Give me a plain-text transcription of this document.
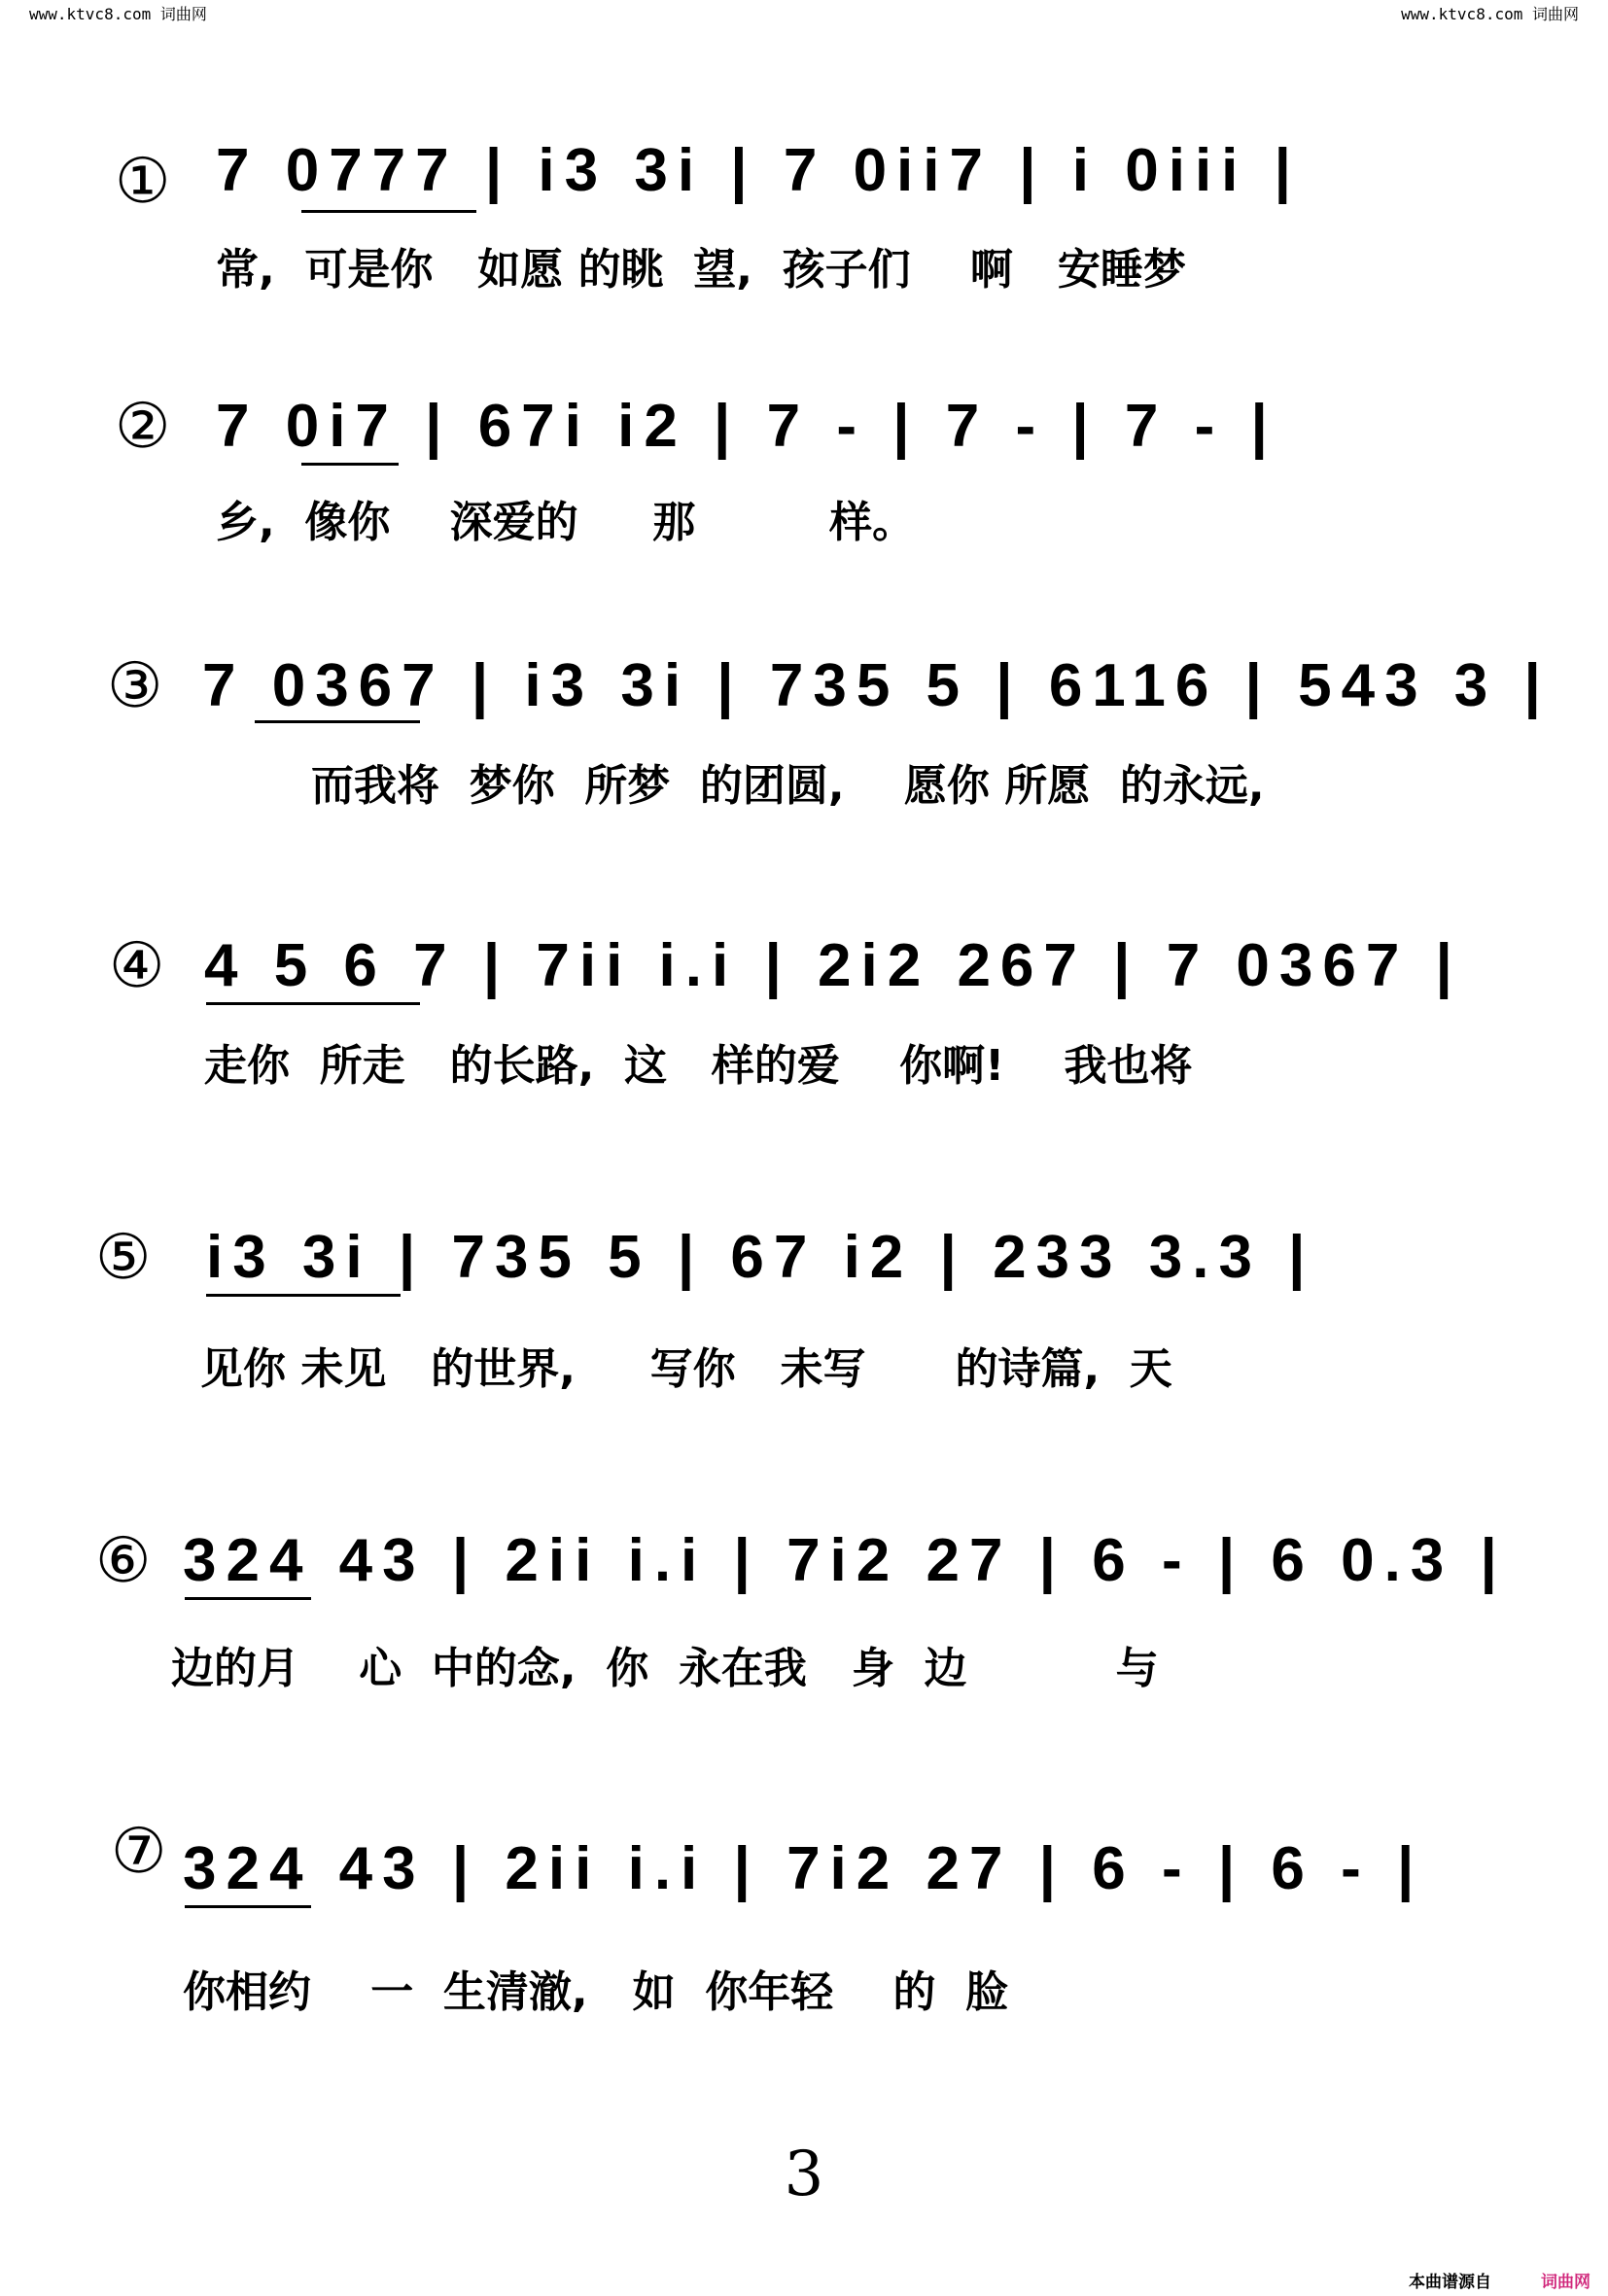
www.ktvc8.com 词曲网	www.ktvc8.com 词曲网
① 7 0777 | i3 3i | 7 0ii7 | i 0iii |
常,  可是你   如愿 的眺  望,  孩子们    啊   安睡梦
② 7 0i7 | 67i i2 | 7 - | 7 - | 7 - |
乡,  像你    深爱的     那         样。
③ 7 0367 | i3 3i | 735 5 | 6116 | 543 3 |
而我将  梦你  所梦  的团圆,    愿你 所愿  的永远,
④ 4 5 6 7 | 7ii i.i | 2i2 267 | 7 0367 |
走你  所走   的长路,  这   样的爱    你啊!    我也将
⑤ i3 3i | 735 5 | 67 i2 | 233 3.3 |
见你 未见   的世界,     写你   未写      的诗篇,  天
⑥ 324 43 | 2ii i.i | 7i2 27 | 6 - | 6 0.3 |
边的月    心  中的念,  你  永在我   身  边          与
⑦ 324 43 | 2ii i.i | 7i2 27 | 6 - | 6 - |
你相约    一  生清澈,   如  你年轻    的  脸
3
本曲谱源自	词曲网
